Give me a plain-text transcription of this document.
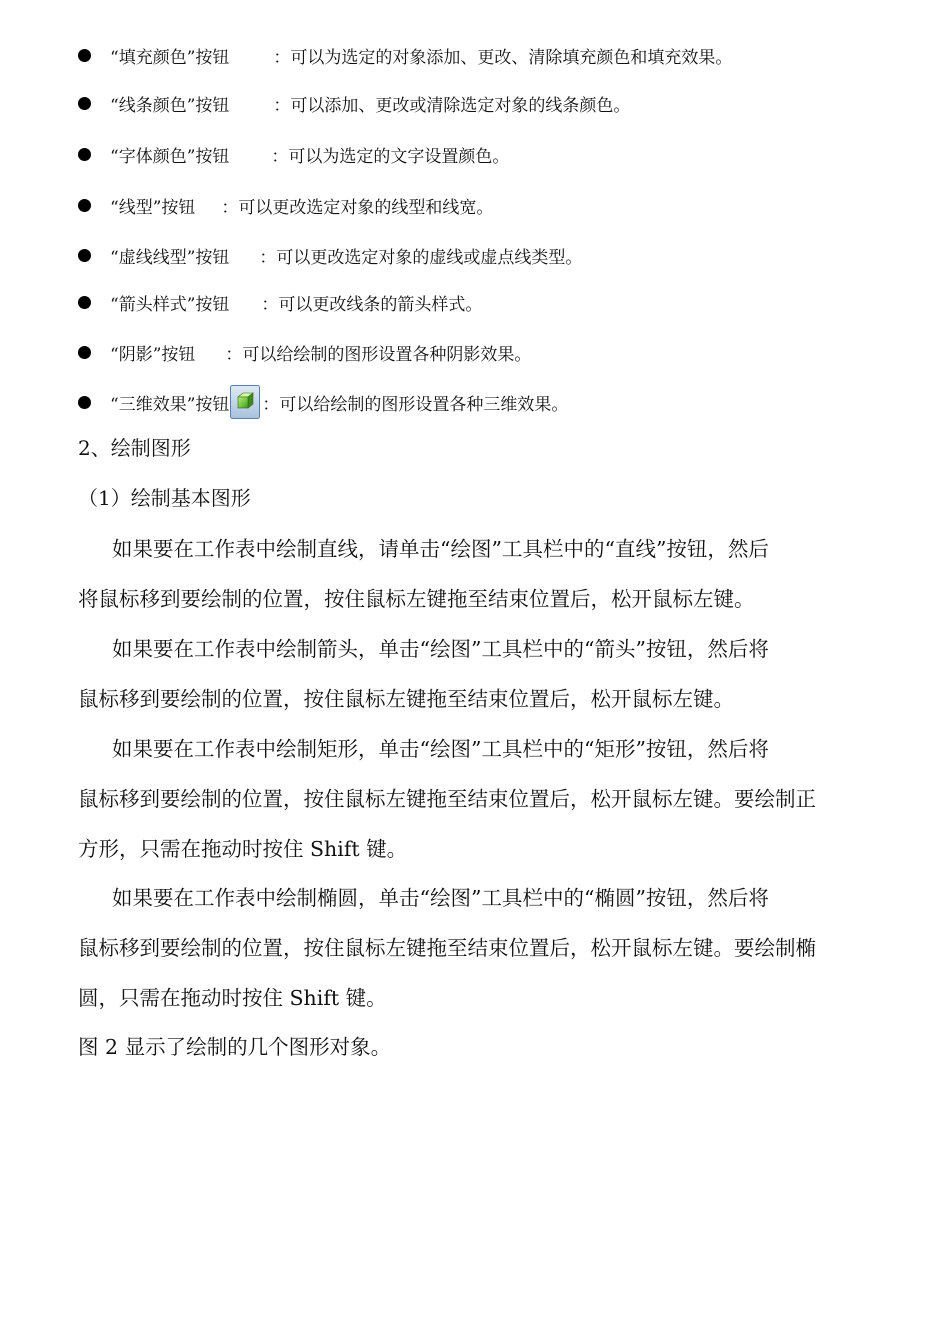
“填充颜色”按钮	：可以为选定的对象添加、更改、清除填充颜色和填充效果。
“线条颜色”按钮	：可以添加、更改或清除选定对象的线条颜色。
“字体颜色”按钮 ：可以为选定的文字设置颜色。
“线型”按钮 ：可以更改选定对象的线型和线宽。
“虚线线型”按钮 ：可以更改选定对象的虚线或虚点线类型。
“箭头样式”按钮 ：可以更改线条的箭头样式。
“阴影”按钮 ：可以给绘制的图形设置各种阴影效果。
“三维效果”按钮 ：可以给绘制的图形设置各种三维效果。
2、绘制图形
（1）绘制基本图形
如果要在工作表中绘制直线，请单击“绘图”工具栏中的“直线”按钮，然后
将鼠标移到要绘制的位置，按住鼠标左键拖至结束位置后，松开鼠标左键。
如果要在工作表中绘制箭头，单击“绘图”工具栏中的“箭头”按钮，然后将
鼠标移到要绘制的位置，按住鼠标左键拖至结束位置后，松开鼠标左键。
如果要在工作表中绘制矩形，单击“绘图”工具栏中的“矩形”按钮，然后将
鼠标移到要绘制的位置，按住鼠标左键拖至结束位置后，松开鼠标左键。要绘制正
方形，只需在拖动时按住 Shift 键。
如果要在工作表中绘制椭圆，单击“绘图”工具栏中的“椭圆”按钮，然后将
鼠标移到要绘制的位置，按住鼠标左键拖至结束位置后，松开鼠标左键。要绘制椭
圆，只需在拖动时按住 Shift 键。
图 2 显示了绘制的几个图形对象。
